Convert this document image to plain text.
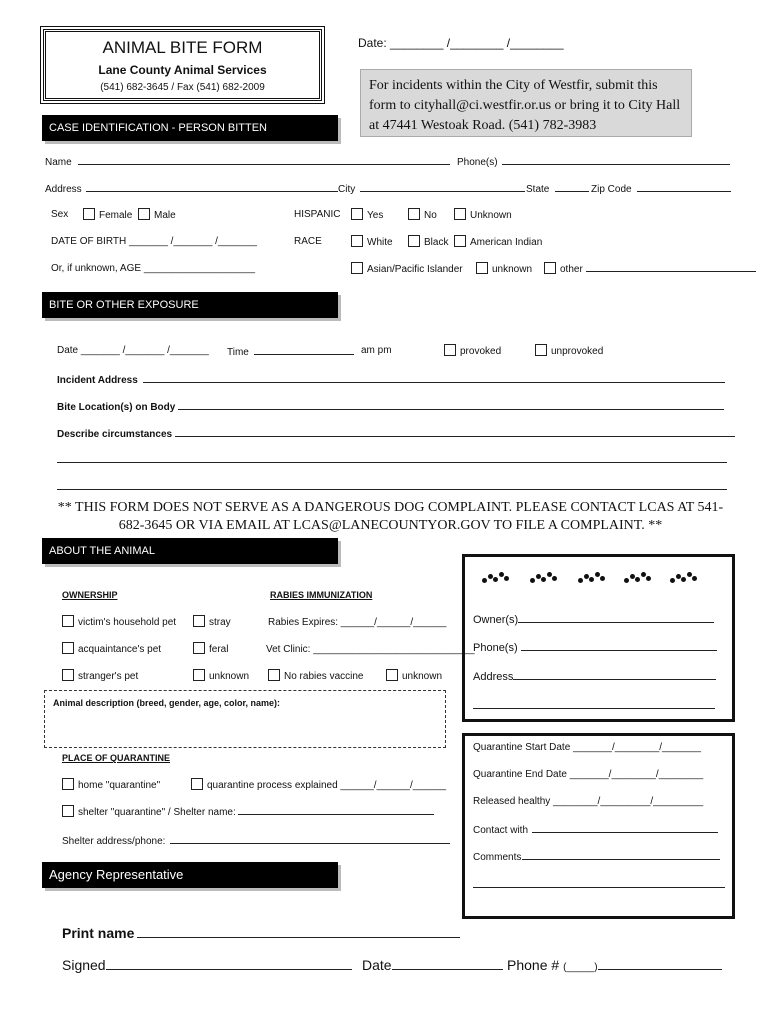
ANIMAL BITE FORM
Lane County Animal Services
(541) 682-3645 / Fax (541) 682-2009
Date: ________ /________ /________
For incidents within the City of Westfir, submit this form to cityhall@ci.westfir.or.us or bring it to City Hall at 47441 Westoak Road. (541) 782-3983
CASE IDENTIFICATION - PERSON BITTEN
Name	Phone(s)
Address	City	State	Zip Code
Sex	Female	Male	HISPANIC	Yes	No	Unknown
DATE OF BIRTH _______ /_______ /_______	RACE	White	Black	American Indian
Or, if unknown, AGE ____________________	Asian/Pacific Islander	unknown	other
BITE OR OTHER EXPOSURE
Date _______ /_______ /_______ Time	am pm	provoked	unprovoked
Incident Address
Bite Location(s) on Body
Describe circumstances
** THIS FORM DOES NOT SERVE AS A DANGEROUS DOG COMPLAINT. PLEASE CONTACT LCAS AT 541-682-3645 OR VIA EMAIL AT LCAS@LANECOUNTYOR.GOV TO FILE A COMPLAINT. **
ABOUT THE ANIMAL
OWNERSHIP	RABIES IMMUNIZATION
victim's household pet	stray	Rabies Expires: ______/______/______
acquaintance's pet	feral	Vet Clinic: _____________________________
stranger's pet	unknown	No rabies vaccine	unknown
Animal description (breed, gender, age, color, name):
PLACE OF QUARANTINE
home "quarantine"	quarantine process explained ______/______/______
shelter "quarantine" / Shelter name:
Shelter address/phone:
Owner(s)
Phone(s)
Address
Quarantine Start Date _______/________/_______
Quarantine End Date _______/________/________
Released healthy ________/_________/_________
Contact with
Comments
Agency Representative
Print name
Signed	Date	Phone # (_____)
